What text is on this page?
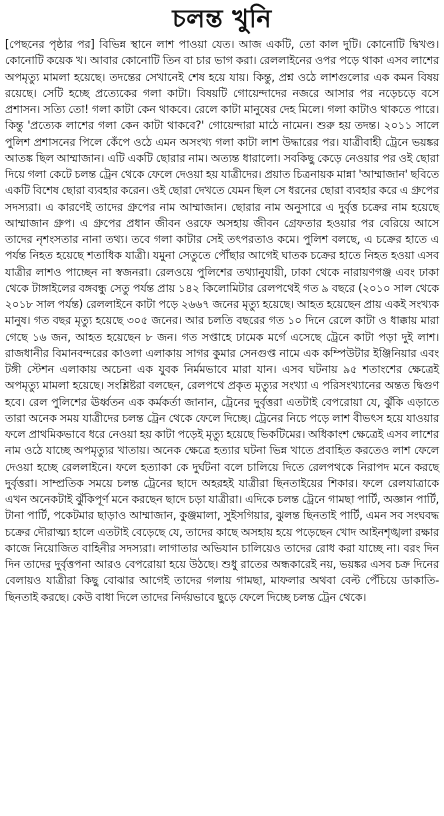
চলন্ত খুনি
[পেছনের পৃষ্ঠার পর] বিভিন্ন স্থানে লাশ পাওয়া যেত। আজ একটি, তো কাল দুটি। কোনোটি দ্বিখণ্ড। কোনোটি কয়েক খ। আবার কোনোটি তিন বা চার ভাগ করা। রেললাইনের ওপর পড়ে থাকা এসব লাশের অপমৃত্যু মামলা হয়েছে। তদন্তের সেখানেই শেষ হয়ে যায়। কিন্তু, প্রশ্ন ওঠে লাশগুলোর এক কমন বিষয় রয়েছে। সেটি হচ্ছে প্রত্যেকের গলা কাটা। বিষয়টি গোয়েন্দাদের নজরে আসার পর নড়েচড়ে বসে প্রশাসন। সত্যি তো! গলা কাটা কেন থাকবে। রেলে কাটা মানুষের দেহ মিলে। গলা কাটাও থাকতে পারে। কিন্তু 'প্রত্যেক লাশের গলা কেন কাটা থাকবে?' গোয়েন্দারা মাঠে নামেন। শুরু হয় তদন্ত। ২০১১ সালে পুলিশ প্রশাসনের পিলে কেঁপে ওঠে এমন অসংখ্য গলা কাটা লাশ উদ্ধারের পর। যাত্রীবাহী ট্রেনে ভয়ঙ্কর আতঙ্ক ছিল আম্মাজান। এটি একটি ছোরার নাম। অত্যন্ত ধারালো। সবকিছু কেড়ে নেওয়ার পর ওই ছোরা দিয়ে গলা কেটে চলন্ত ট্রেন থেকে ফেলে দেওয়া হয় যাত্রীদের। প্রয়াত চিত্রনায়ক মান্না 'আম্মাজান' ছবিতে একটি বিশেষ ছোরা ব্যবহার করেন। ওই ছোরা দেখতে যেমন ছিল সে ধরনের ছোরা ব্যবহার করে এ গ্রুপের সদস্যরা। এ কারণেই তাদের গ্রুপের নাম আম্মাজান। ছোরার নাম অনুসারে এ দুর্বৃত্ত চক্রের নাম হয়েছে আম্মাজান গ্রুপ। এ গ্রুপের প্রধান জীবন ওরফে অসহায় জীবন গ্রেফতার হওয়ার পর বেরিয়ে আসে তাদের নৃশংসতার নানা তথ্য। তবে গলা কাটার সেই তৎপরতাও কমে। পুলিশ বলছে, এ চক্রের হাতে এ পর্যন্ত নিহত হয়েছে শতাধিক যাত্রী। যমুনা সেতুতে পৌঁছার আগেই ঘাতক চক্রের হাতে নিহত হওয়া এসব যাত্রীর লাশও পাচ্ছেন না স্বজনরা। রেলওয়ে পুলিশের তথ্যানুযায়ী, ঢাকা থেকে নারায়ণগঞ্জ এবং ঢাকা থেকে টাঙ্গাইলের বঙ্গবন্ধু সেতু পর্যন্ত প্রায় ১৪২ কিলোমিটার রেলপথেই গত ৯ বছরে (২০১০ সাল থেকে ২০১৮ সাল পর্যন্ত) রেললাইনে কাটা পড়ে ২৬৬৭ জনের মৃত্যু হয়েছে। আহত হয়েছেন প্রায় একই সংখ্যক মানুষ। গত বছর মৃত্যু হয়েছে ৩০৫ জনের। আর চলতি বছরের গত ১০ দিনে রেলে কাটা ও ধাক্কায় মারা গেছে ১৬ জন, আহত হয়েছেন ৮ জন। গত সপ্তাহে ঢামেক মর্গে এসেছে ট্রেনে কাটা পড়া দুই লাশ। রাজধানীর বিমানবন্দরের কাওলা এলাকায় সাগর কুমার সেনগুপ্ত নামে এক কম্পিউটার ইঞ্জিনিয়ার এবং টঙ্গী স্টেশন এলাকায় অচেনা এক যুবক নির্মমভাবে মারা যান। এসব ঘটনায় ৯৫ শতাংশের ক্ষেত্রেই অপমৃত্যু মামলা হয়েছে। সংশ্লিষ্টরা বলছেন, রেলপথে প্রকৃত মৃত্যুর সংখ্যা এ পরিসংখ্যানের অন্তত দ্বিগুণ হবে। রেল পুলিশের ঊর্ধ্বতন এক কর্মকর্তা জানান, ট্রেনের দুর্বৃত্তরা এতটাই বেপরোয়া যে, ঝুঁকি এড়াতে তারা অনেক সময় যাত্রীদের চলন্ত ট্রেন থেকে ফেলে দিচ্ছে। ট্রেনের নিচে পড়ে লাশ বীভৎস হয়ে যাওয়ার ফলে প্রাথমিকভাবে ধরে নেওয়া হয় কাটা পড়েই মৃত্যু হয়েছে ভিকটিমের। অধিকাংশ ক্ষেত্রেই এসব লাশের নাম ওঠে যাচ্ছে অপমৃত্যুর খাতায়। অনেক ক্ষেত্রে হত্যার ঘটনা ভিন্ন খাতে প্রবাহিত করতেও লাশ ফেলে দেওয়া হচ্ছে রেললাইনে। ফলে হত্যাকা কে দুর্ঘটনা বলে চালিয়ে দিতে রেলপথকে নিরাপদ মনে করছে দুর্বৃত্তরা। সাম্প্রতিক সময়ে চলন্ত ট্রেনের ছাদে অহরহই যাত্রীরা ছিনতাইয়ের শিকার। ফলে রেলযাত্রাকে এখন অনেকটাই ঝুঁকিপূর্ণ মনে করছেন ছাদে চড়া যাত্রীরা। এদিকে চলন্ত ট্রেনে গামছা পার্টি, অজ্ঞান পার্টি, টানা পার্টি, পকেটমার ছাড়াও আম্মাজান, কুঞ্জমালা, সুইসগিয়ার, ঝুলন্ত ছিনতাই পার্টি, এমন সব সংঘবদ্ধ চক্রের দৌরাত্ম্য হালে এতটাই বেড়েছে যে, তাদের কাছে অসহায় হয়ে পড়েছেন খোদ আইনশৃঙ্খলা রক্ষার কাজে নিয়োজিত বাহিনীর সদস্যরা। লাগাতার অভিযান চালিয়েও তাদের রোধ করা যাচ্ছে না। বরং দিন দিন তাদের দুর্বৃত্তপনা আরও বেপরোয়া হয়ে উঠছে। শুধু রাতের অন্ধকারেই নয়, ভয়ঙ্কর এসব চক্র দিনের বেলায়ও যাত্রীরা কিছু বোঝার আগেই তাদের গলায় গামছা, মাফলার অথবা বেল্ট পেঁচিয়ে ডাকাতি-ছিনতাই করছে। কেউ বাধা দিলে তাদের নির্দয়ভাবে ছুড়ে ফেলে দিচ্ছে চলন্ত ট্রেন থেকে।
